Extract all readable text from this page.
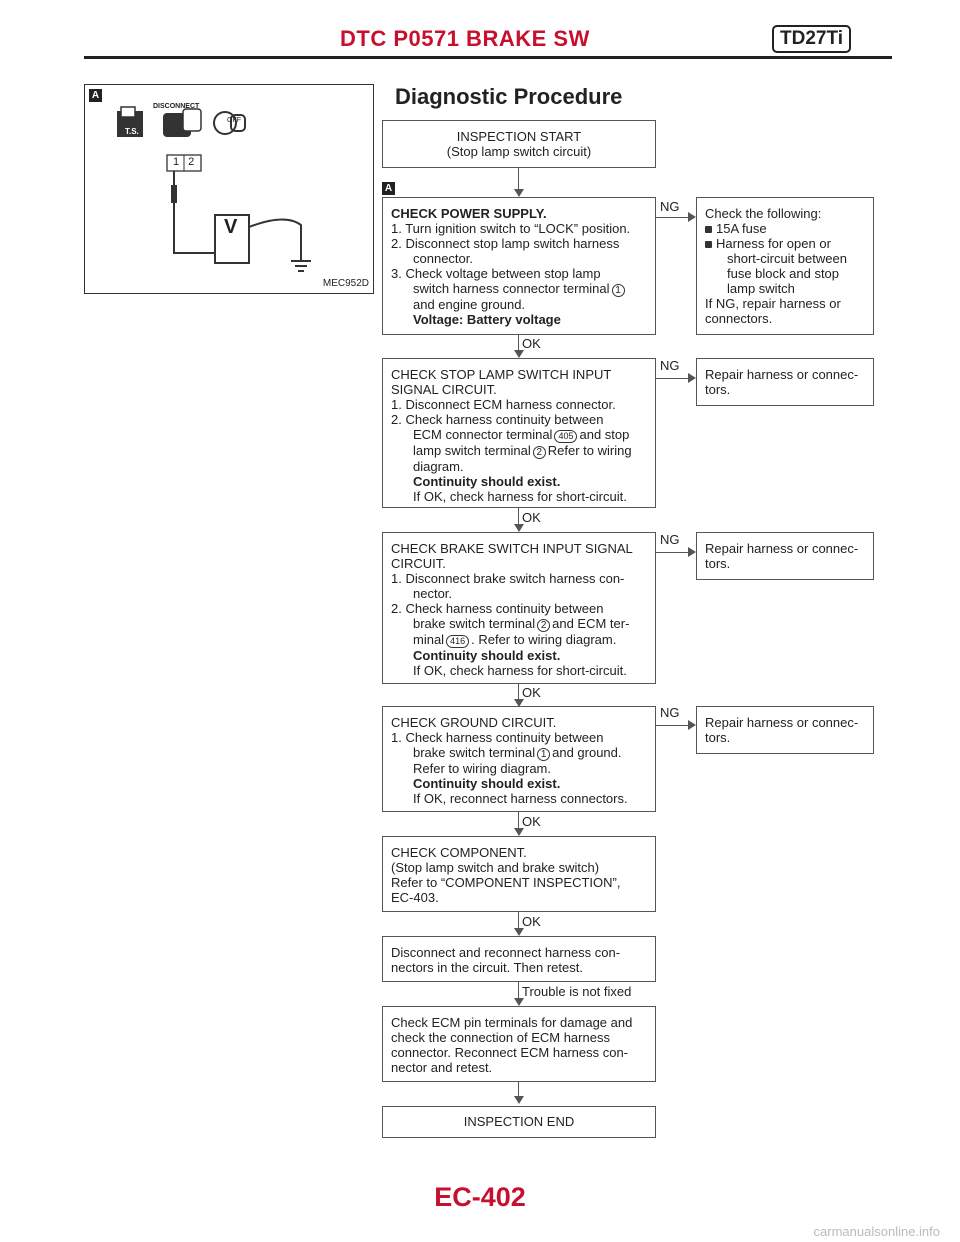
DTC P0571 BRAKE SW	TD27Ti
A
DISCONNECT
T.S.
OFF
1 2
V
MEC952D
Diagnostic Procedure
INSPECTION START
(Stop lamp switch circuit)
A
CHECK POWER SUPPLY.
1. Turn ignition switch to “LOCK” position.
2. Disconnect stop lamp switch harness
connector.
3. Check voltage between stop lamp
switch harness connector terminal 1
and engine ground.
Voltage: Battery voltage
NG Check the following:
15A fuse
Harness for open or
short-circuit between
fuse block and stop
lamp switch
If NG, repair harness or
connectors.
OK
CHECK STOP LAMP SWITCH INPUT
SIGNAL CIRCUIT.
1. Disconnect ECM harness connector.
2. Check harness continuity between
ECM connector terminal 405 and stop
lamp switch terminal 2 Refer to wiring
diagram.
Continuity should exist.
If OK, check harness for short-circuit.
NG
Repair harness or connec-
tors.
OK
CHECK BRAKE SWITCH INPUT SIGNAL
CIRCUIT.
1. Disconnect brake switch harness con-
nector.
2. Check harness continuity between
brake switch terminal 2 and ECM ter-
minal 416 . Refer to wiring diagram.
Continuity should exist.
If OK, check harness for short-circuit.
NG
Repair harness or connec-
tors.
OK
CHECK GROUND CIRCUIT.
1. Check harness continuity between
brake switch terminal 1 and ground.
Refer to wiring diagram.
Continuity should exist.
If OK, reconnect harness connectors.
NG
Repair harness or connec-
tors.
OK
CHECK COMPONENT.
(Stop lamp switch and brake switch)
Refer to “COMPONENT INSPECTION”,
EC-403.
OK
Disconnect and reconnect harness con-
nectors in the circuit. Then retest.
Trouble is not fixed
Check ECM pin terminals for damage and
check the connection of ECM harness
connector. Reconnect ECM harness con-
nector and retest.
INSPECTION END
EC-402
carmanualsonline.info
